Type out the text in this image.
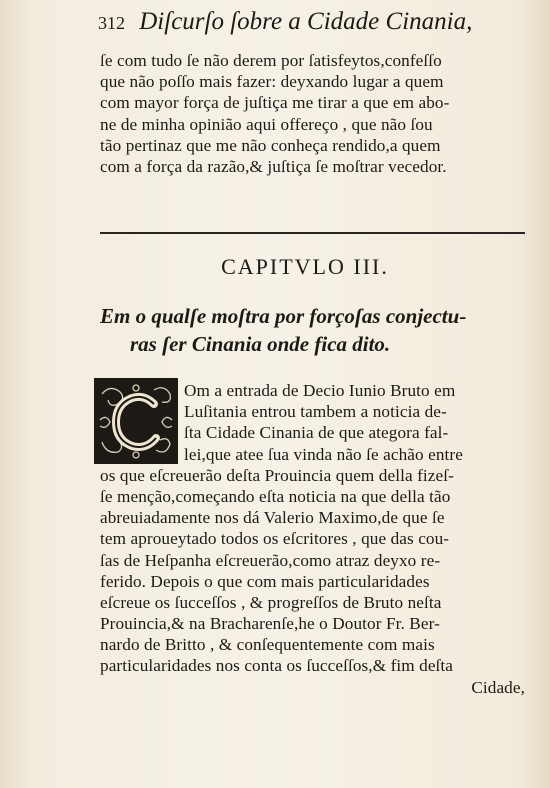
312 Diſcurſo ſobre a Cidade Cinania,
ſe com tudo ſe não derem por ſatisfeytos,confeſſo
que não poſſo mais fazer: deyxando lugar a quem
com mayor força de juſtiça me tirar a que em abo-
ne de minha opinião aqui offereço , que não ſou
tão pertinaz que me não conheça rendido,a quem
com a força da razão,& juſtiça ſe moſtrar vecedor.
CAPITVLO III.
Em o qualſe moſtra por forçoſas conjectu-
ras ſer Cinania onde fica dito.
Om a entrada de Decio Iunio Bruto em
Luſitania entrou tambem a noticia de-
ſta Cidade Cinania de que ategora fal-
lei,que atee ſua vinda não ſe achão entre
os que eſcreuerão deſta Prouincia quem della fizeſ-
ſe menção,começando eſta noticia na que della tão
abreuiadamente nos dá Valerio Maximo,de que ſe
tem aproueytado todos os eſcritores , que das cou-
ſas de Heſpanha eſcreuerão,como atraz deyxo re-
ferido. Depois o que com mais particularidades
eſcreue os ſucceſſos , & progreſſos de Bruto neſta
Prouincia,& na Bracharenſe,he o Doutor Fr. Ber-
nardo de Britto , & conſequentemente com mais
particularidades nos conta os ſucceſſos,& fim deſta
Cidade,
